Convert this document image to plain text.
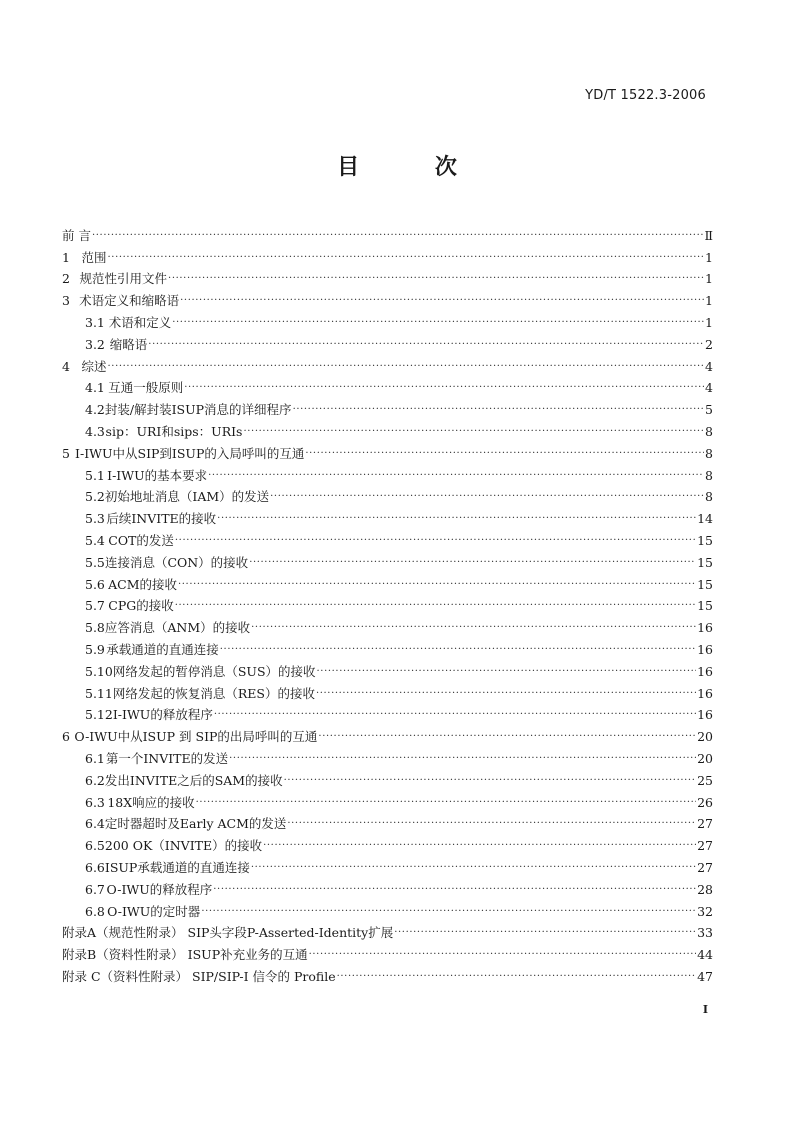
YD/T 1522.3-2006
目 次
前 言 ·····	Ⅱ
1 范围 ·····	1
2 规范性引用文件 ·····	1
3 术语定义和缩略语 ·····	1
3.1 术语和定义 ·····	1
3.2 缩略语 ·····	2
4 综述 ·····	4
4.1 互通一般原则 ·····	4
4.2 封装/解封装ISUP消息的详细程序 ·····	5
4.3 sip：URI和sips：URIs ·····	8
5 I-IWU中从SIP到ISUP的入局呼叫的互通 ·····	8
5.1 I-IWU的基本要求 ·····	8
5.2 初始地址消息（IAM）的发送 ·····	8
5.3 后续INVITE的接收 ·····	14
5.4 COT的发送 ·····	15
5.5 连接消息（CON）的接收 ·····	15
5.6 ACM的接收 ·····	15
5.7 CPG的接收 ·····	15
5.8 应答消息（ANM）的接收 ·····	16
5.9 承载通道的直通连接 ·····	16
5.10 网络发起的暂停消息（SUS）的接收 ·····	16
5.11 网络发起的恢复消息（RES）的接收 ·····	16
5.12 I-IWU的释放程序 ·····	16
6 O-IWU中从ISUP 到 SIP的出局呼叫的互通 ·····	20
6.1 第一个INVITE的发送 ·····	20
6.2 发出INVITE之后的SAM的接收 ·····	25
6.3 18X响应的接收 ·····	26
6.4 定时器超时及Early ACM的发送 ·····	27
6.5 200 OK（INVITE）的接收 ·····	27
6.6 ISUP承载通道的直通连接 ·····	27
6.7 O-IWU的释放程序 ·····	28
6.8 O-IWU的定时器 ·····	32
附录A（规范性附录） SIP头字段P-Asserted-Identity扩展 ·····	33
附录B（资料性附录） ISUP补充业务的互通 ·····	44
附录 C（资料性附录） SIP/SIP-I 信令的 Profile ·····	47
I
